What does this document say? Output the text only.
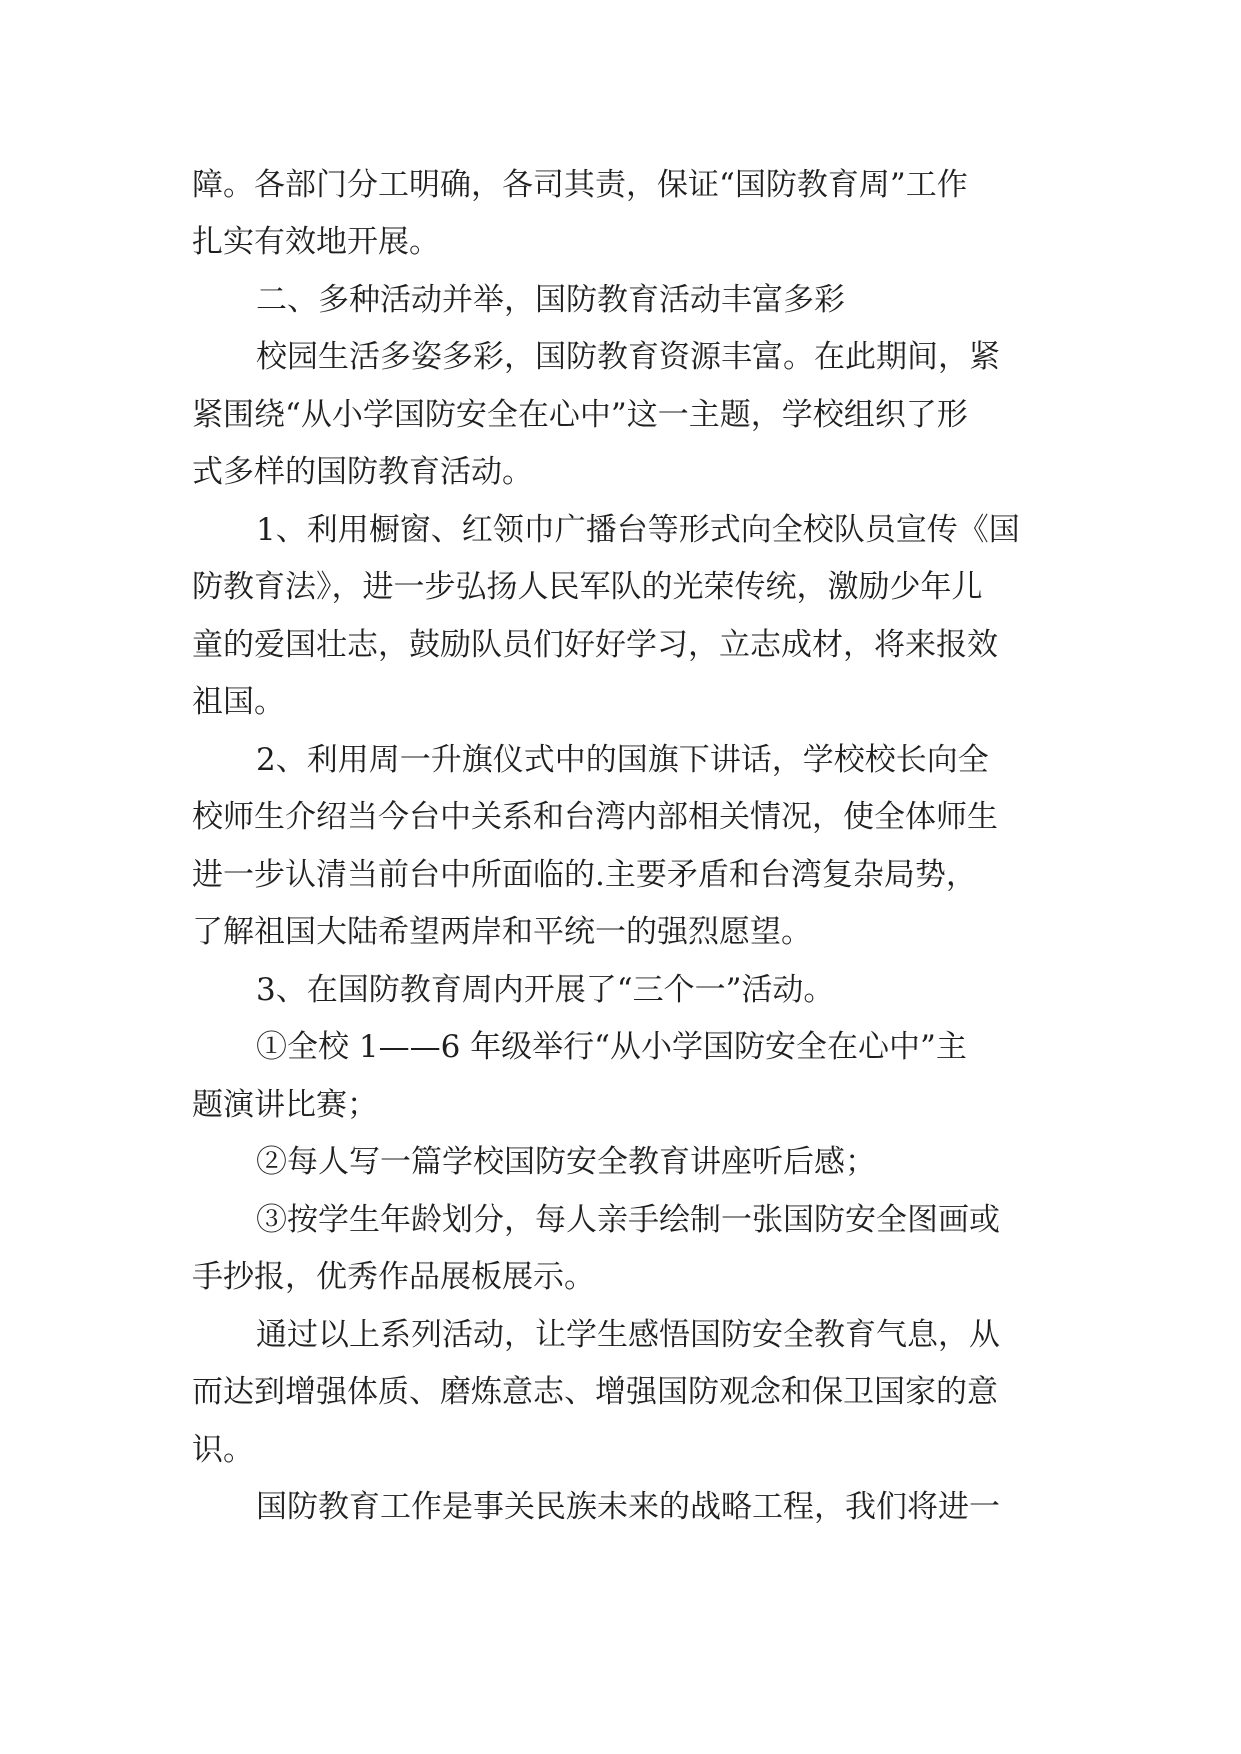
障。各部门分工明确，各司其责，保证“国防教育周”工作

扎实有效地开展。

二、多种活动并举，国防教育活动丰富多彩

校园生活多姿多彩，国防教育资源丰富。在此期间，紧

紧围绕“从小学国防安全在心中”这一主题，学校组织了形

式多样的国防教育活动。

1、利用橱窗、红领巾广播台等形式向全校队员宣传《国

防教育法》，进一步弘扬人民军队的光荣传统，激励少年儿

童的爱国壮志，鼓励队员们好好学习，立志成材，将来报效

祖国。

2、利用周一升旗仪式中的国旗下讲话，学校校长向全

校师生介绍当今台中关系和台湾内部相关情况，使全体师生

进一步认清当前台中所面临的.主要矛盾和台湾复杂局势，

了解祖国大陆希望两岸和平统一的强烈愿望。

3、在国防教育周内开展了“三个一”活动。

①全校 1——6 年级举行“从小学国防安全在心中”主

题演讲比赛；

②每人写一篇学校国防安全教育讲座听后感；

③按学生年龄划分，每人亲手绘制一张国防安全图画或

手抄报，优秀作品展板展示。

通过以上系列活动，让学生感悟国防安全教育气息，从

而达到增强体质、磨炼意志、增强国防观念和保卫国家的意

识。

国防教育工作是事关民族未来的战略工程，我们将进一
